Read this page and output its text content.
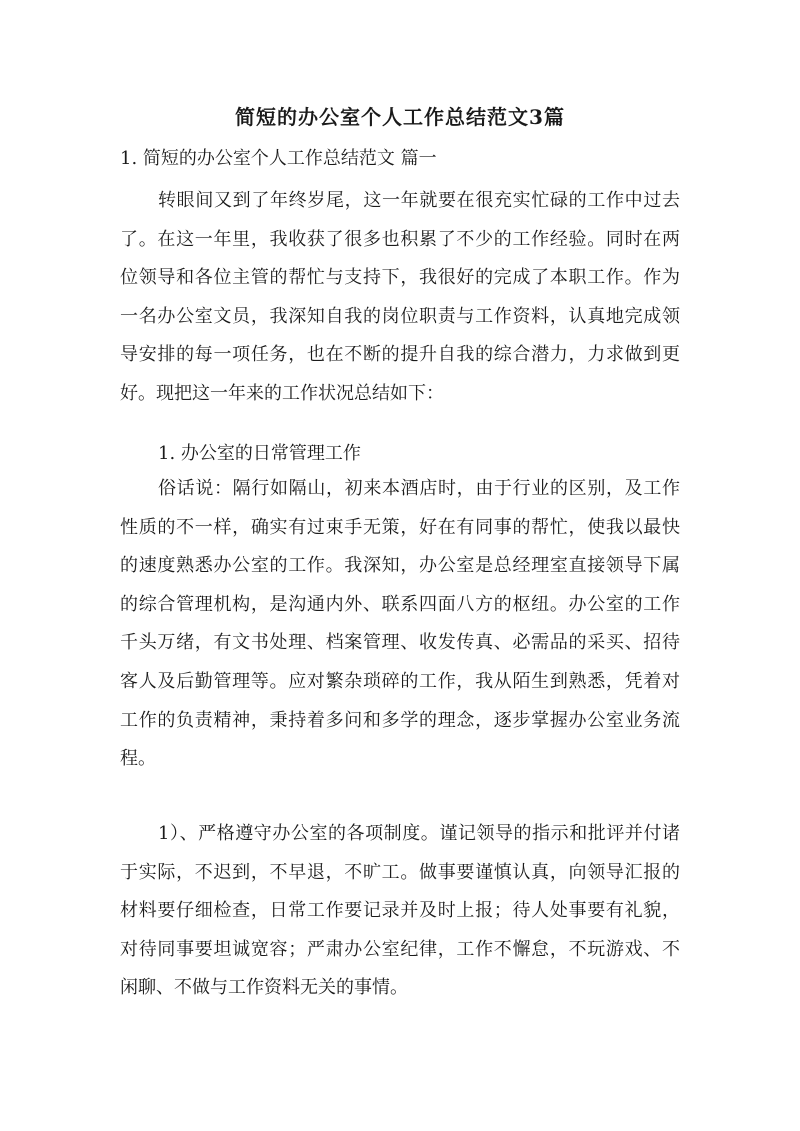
简短的办公室个人工作总结范文3篇
1. 简短的办公室个人工作总结范文 篇一
转眼间又到了年终岁尾，这一年就要在很充实忙碌的工作中过去
了。在这一年里，我收获了很多也积累了不少的工作经验。同时在两
位领导和各位主管的帮忙与支持下，我很好的完成了本职工作。作为
一名办公室文员，我深知自我的岗位职责与工作资料，认真地完成领
导安排的每一项任务，也在不断的提升自我的综合潜力，力求做到更
好。现把这一年来的工作状况总结如下：
1. 办公室的日常管理工作
俗话说：隔行如隔山，初来本酒店时，由于行业的区别，及工作
性质的不一样，确实有过束手无策，好在有同事的帮忙，使我以最快
的速度熟悉办公室的工作。我深知，办公室是总经理室直接领导下属
的综合管理机构，是沟通内外、联系四面八方的枢纽。办公室的工作
千头万绪，有文书处理、档案管理、收发传真、必需品的采买、招待
客人及后勤管理等。应对繁杂琐碎的工作，我从陌生到熟悉，凭着对
工作的负责精神，秉持着多问和多学的理念，逐步掌握办公室业务流
程。
1）、严格遵守办公室的各项制度。谨记领导的指示和批评并付诸
于实际，不迟到，不早退，不旷工。做事要谨慎认真，向领导汇报的
材料要仔细检查，日常工作要记录并及时上报；待人处事要有礼貌，
对待同事要坦诚宽容；严肃办公室纪律，工作不懈怠，不玩游戏、不
闲聊、不做与工作资料无关的事情。
